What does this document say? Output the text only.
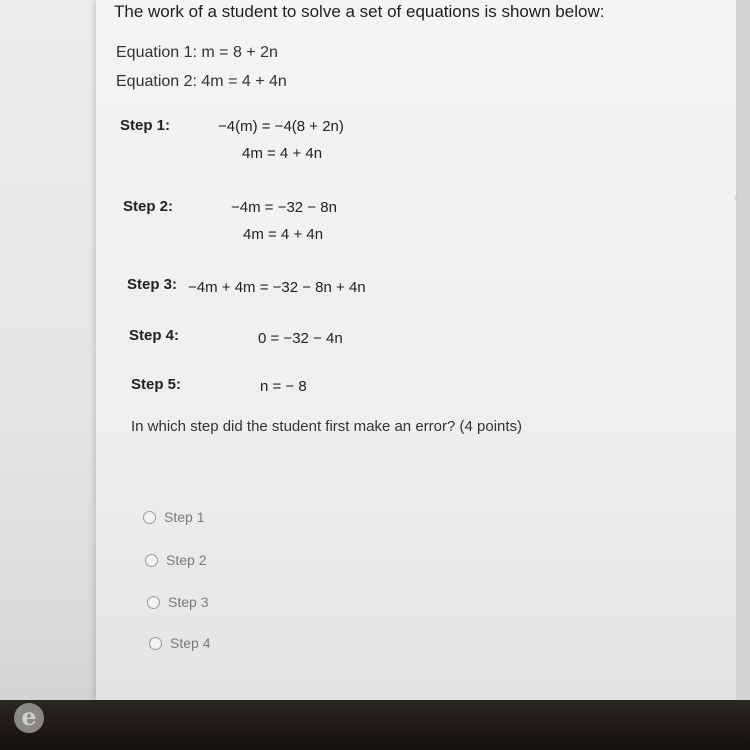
›
The work of a student to solve a set of equations is shown below:
Equation 1: m = 8 + 2n
Equation 2: 4m = 4 + 4n
Step 1:	−4(m) = −4(8 + 2n)
4m = 4 + 4n
Step 2:	−4m = −32 − 8n
4m = 4 + 4n
Step 3: −4m + 4m = −32 − 8n + 4n
Step 4:	0 = −32 − 4n
Step 5:	n = − 8
In which step did the student first make an error? (4 points)
Step 1
Step 2
Step 3
Step 4
e
